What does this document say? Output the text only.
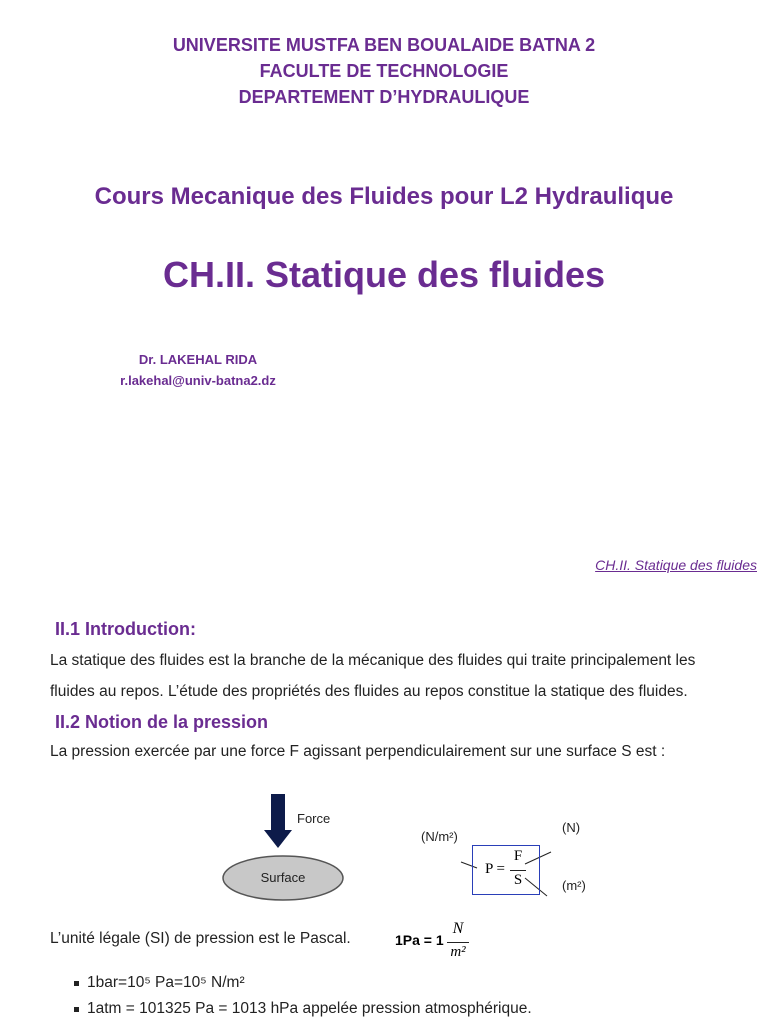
UNIVERSITE MUSTFA BEN BOUALAIDE BATNA 2
FACULTE DE TECHNOLOGIE
DEPARTEMENT D’HYDRAULIQUE
Cours Mecanique des Fluides pour L2 Hydraulique
CH.II. Statique des fluides
Dr. LAKEHAL RIDA
r.lakehal@univ-batna2.dz
CH.II. Statique des fluides
II.1 Introduction:
La statique des fluides est la branche de la mécanique des fluides qui traite principalement les
fluides au repos. L’étude des propriétés des fluides au repos constitue la statique des fluides.
II.2 Notion de la pression
La pression exercée par une force F agissant perpendiculairement sur une surface S est :
Force
Surface
(N/m²)
(N)
(m²)
P =
F
S
L’unité légale (SI) de pression est le Pascal.	1Pa = 1
N
m²
1bar=10⁵ Pa=10⁵ N/m²
1atm = 101325 Pa = 1013 hPa appelée pression atmosphérique.
